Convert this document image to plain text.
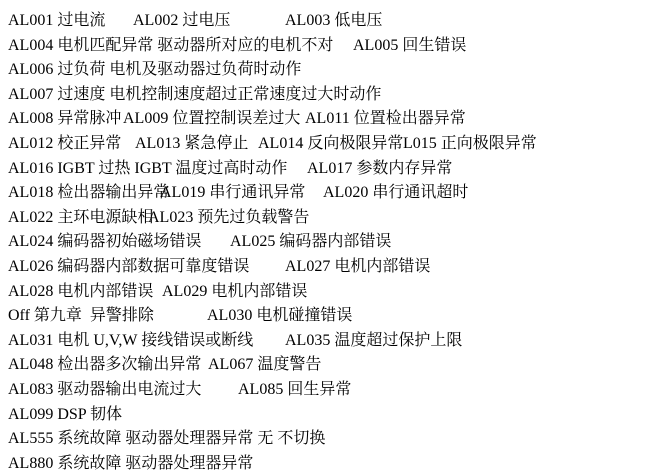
AL001 过电流 AL002 过电压	AL003 低电压
AL004 电机匹配异常 驱动器所对应的电机不对 AL005 回生错误
AL006 过负荷 电机及驱动器过负荷时动作
AL007 过速度 电机控制速度超过正常速度过大时动作
AL008 异常脉冲 AL009 位置控制误差过大 AL011 位置检出器异常
AL012 校正异常 AL013 紧急停止 AL014 反向极限异常 L015 正向极限异常
AL016 IGBT 过热 IGBT 温度过高时动作 AL017 参数内存异常
AL018 检出器输出异常
AL019 串行通讯异常 AL020 串行通讯超时
AL022 主环电源缺相
AL023 预先过负载警告
AL024 编码器初始磁场错误 AL025 编码器内部错误
AL026 编码器内部数据可靠度错误 AL027 电机内部错误
AL028 电机内部错误 AL029 电机内部错误
Off 第九章  异警排除	AL030 电机碰撞错误
AL031 电机 U,V,W 接线错误或断线 AL035 温度超过保护上限
AL048 检出器多次输出异常 AL067 温度警告
AL083 驱动器输出电流过大 AL085 回生异常
AL099 DSP 韧体
AL555 系统故障 驱动器处理器异常 无 不切换
AL880 系统故障 驱动器处理器异常
